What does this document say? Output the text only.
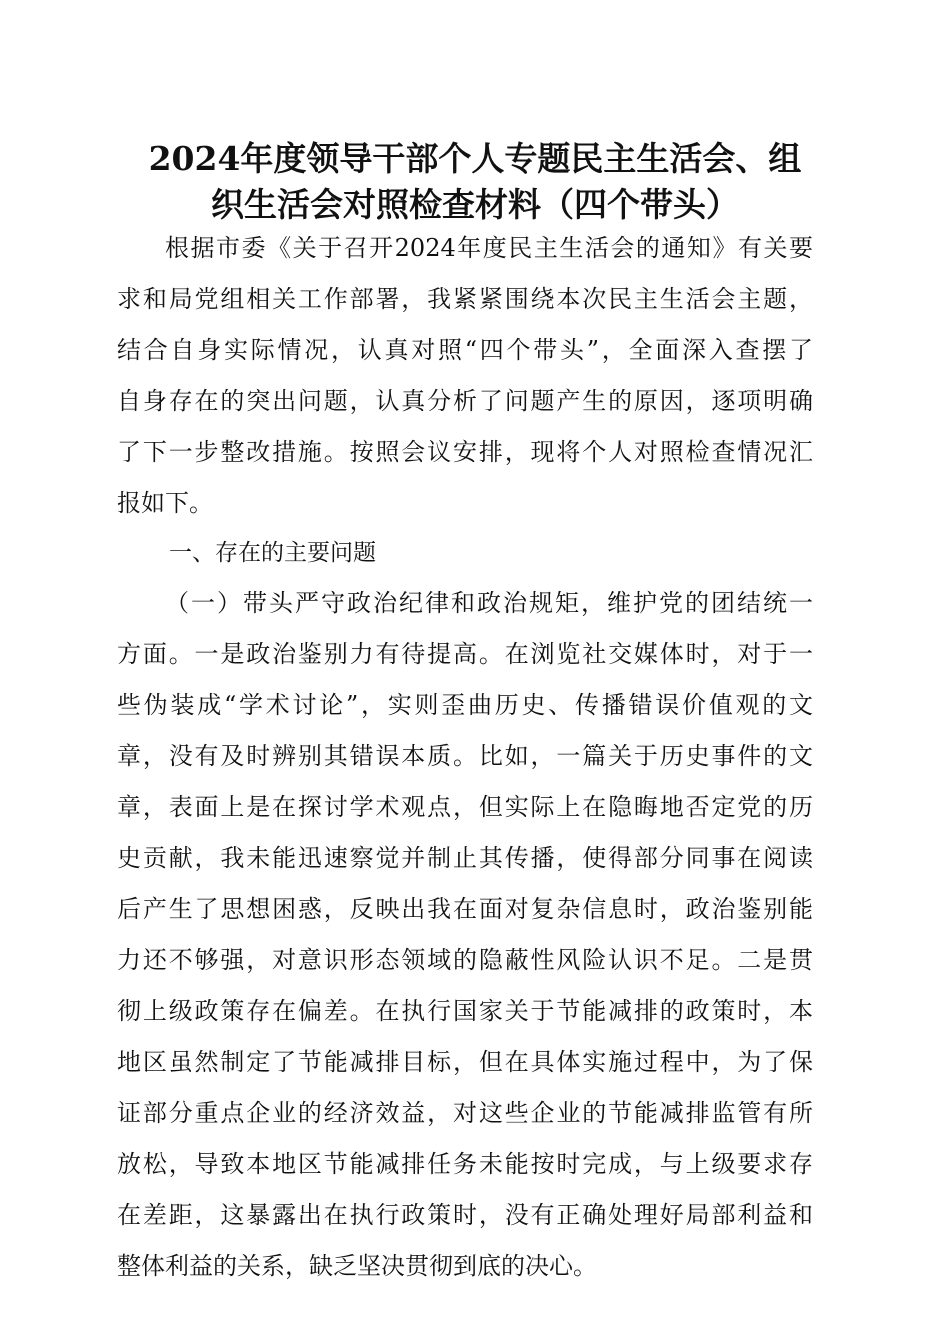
2024年度领导干部个人专题民主生活会、组
织生活会对照检查材料（四个带头）
根据市委《关于召开2024年度民主生活会的通知》有关要
求和局党组相关工作部署，我紧紧围绕本次民主生活会主题，
结合自身实际情况，认真对照“四个带头”，全面深入查摆了
自身存在的突出问题，认真分析了问题产生的原因，逐项明确
了下一步整改措施。按照会议安排，现将个人对照检查情况汇
报如下。
一、存在的主要问题
（一）带头严守政治纪律和政治规矩，维护党的团结统一
方面。一是政治鉴别力有待提高。在浏览社交媒体时，对于一
些伪装成“学术讨论”，实则歪曲历史、传播错误价值观的文
章，没有及时辨别其错误本质。比如，一篇关于历史事件的文
章，表面上是在探讨学术观点，但实际上在隐晦地否定党的历
史贡献，我未能迅速察觉并制止其传播，使得部分同事在阅读
后产生了思想困惑，反映出我在面对复杂信息时，政治鉴别能
力还不够强，对意识形态领域的隐蔽性风险认识不足。二是贯
彻上级政策存在偏差。在执行国家关于节能减排的政策时，本
地区虽然制定了节能减排目标，但在具体实施过程中，为了保
证部分重点企业的经济效益，对这些企业的节能减排监管有所
放松，导致本地区节能减排任务未能按时完成，与上级要求存
在差距，这暴露出在执行政策时，没有正确处理好局部利益和
整体利益的关系，缺乏坚决贯彻到底的决心。
